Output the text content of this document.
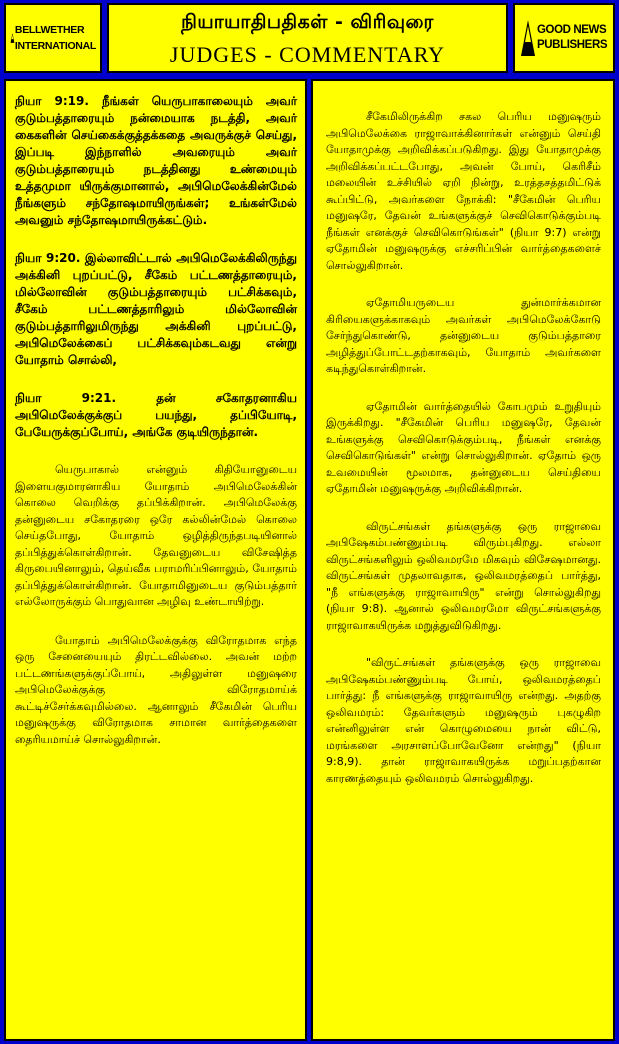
BELLWETHER
INTERNATIONAL
நியாயாதிபதிகள் - விரிவுரை
JUDGES - COMMENTARY
GOOD NEWS
PUBLISHERS

நியா 9:19. நீங்கள் யெருபாகாலையும் அவர் குடும்பத்தாரையும் நன்மையாக நடத்தி, அவர் கைகளின் செய்கைக்குத்தக்கதை அவருக்குச் செய்து, இப்படி இந்நாளில் அவரையும் அவர் குடும்பத்தாரையும் நடத்தினது உண்மையும் உத்தமுமா யிருக்குமானால், அபிமெலேக்கின்மேல் நீங்களும் சந்தோஷமாயிருங்கள்; உங்கள்மேல் அவனும் சந்தோஷமாயிருக்கட்டும்.

நியா 9:20. இல்லாவிட்டால் அபிமெலேக்கிலிருந்து அக்கினி புறப்பட்டு, சீகேம் பட்டணத்தாரையும், மில்லோவின் குடும்பத்தாரையும் பட்சிக்கவும், சீகேம் பட்டணத்தாரிலும் மில்லோவின் குடும்பத்தாரிலுமிருந்து அக்கினி புறப்பட்டு, அபிமெலேக்கைப் பட்சிக்கவும்கடவது என்று யோதாம் சொல்லி,

நியா 9:21. தன் சகோதரனாகிய அபிமெலேக்குக்குப் பயந்து, தப்பியோடி, பேயேருக்குப்போய், அங்கே குடியிருந்தான்.

யெருபாகால் என்னும் கிதியோனுடைய இளையகுமாரனாகிய யோதாம் அபிமெலேக்கின் கொலை வெறிக்கு தப்பிக்கிறான். அபிமெலேக்கு தன்னுடைய சகோதரரை ஒரே கல்லின்மேல் கொலை செய்தபோது, யோதாம் ஒழித்திருந்தபடியினால் தப்பித்துக்கொள்கிறான். தேவனுடைய விசேஷித்த கிருபையினாலும், தெய்வீக பராமரிப்பினாலும், யோதாம் தப்பித்துக்கொள்கிறான். யோதாமினுடைய குடும்பத்தார் எல்லோருக்கும் பொதுவான அழிவு உண்டாயிற்று.

யோதாம் அபிமெலேக்குக்கு விரோதமாக எந்த ஒரு சேனையையும் திரட்டவில்லை. அவன் மற்ற பட்டணங்களுக்குப்போய், அதிலுள்ள மனுஷரை அபிமெலேக்குக்கு விரோதமாய்க் கூட்டிச்சேர்க்கவுமில்லை. ஆனாலும் சீகேமின் பெரிய மனுஷருக்கு விரோதமாக சாமான வார்த்தைகளை தைரியமாய்ச் சொல்லுகிறான்.

சீகேமிலிருக்கிற சகல பெரிய மனுஷரும் அபிமெலேக்கை ராஜாவாக்கினார்கள் என்னும் செய்தி யோதாமுக்கு அறிவிக்கப்படுகிறது. இது யோதாமுக்கு அறிவிக்கப்பட்டபோது, அவன் போய், கெரிசீம் மலையின் உச்சியில் ஏறி நின்று, உரத்தசத்தமிட்டுக் கூப்பிட்டு, அவர்களை நோக்கி: "சீகேமின் பெரிய மனுஷரே, தேவன் உங்களுக்குச் செவிகொடுக்கும்படி நீங்கள் எனக்குச் செவிகொடுங்கள்" (நியா 9:7) என்று ஏதோமின் மனுஷருக்கு எச்சரிப்பின் வார்த்தைகளைச் சொல்லுகிறான்.

ஏதோமியருடைய துன்மார்க்கமான கிரியைகளுக்காகவும் அவர்கள் அபிமெலேக்கோடு சேர்ந்துகொண்டு, தன்னுடைய குடும்பத்தாரை அழித்துப்போட்டதற்காகவும், யோதாம் அவர்களை கடிந்துகொள்கிறான்.

ஏதோமின் வார்த்தையில் கோபமும் உறுதியும் இருக்கிறது. "சீகேமின் பெரிய மனுஷரே, தேவன் உங்களுக்கு செவிகொடுக்கும்படி, நீங்கள் எனக்கு செவிகொடுங்கள்" என்று சொல்லுகிறான். ஏதோம் ஒரு உவமையின் மூலமாக, தன்னுடைய செய்தியை ஏதோமின் மனுஷருக்கு அறிவிக்கிறான்.

விருட்சங்கள் தங்களுக்கு ஒரு ராஜாவை அபிஷேகம்பண்ணும்படி விரும்புகிறது. எல்லா விருட்சங்களிலும் ஒலிவமரமே மிகவும் விசேஷமானது. விருட்சங்கள் முதலாவதாக, ஒலிவமரத்தைப் பார்த்து, "நீ எங்களுக்கு ராஜாவாயிரு" என்று சொல்லுகிறது (நியா 9:8). ஆனால் ஒலிவமரமோ விருட்சங்களுக்கு ராஜாவாகயிருக்க மறுத்துவிடுகிறது.

"விருட்சங்கள் தங்களுக்கு ஒரு ராஜாவை அபிஷேகம்பண்ணும்படி போய், ஒலிவமரத்தைப் பார்த்து: நீ எங்களுக்கு ராஜாவாயிரு என்றது. அதற்கு ஒலிவமரம்: தேவர்களும் மனுஷரும் புகழுகிற என்னிலுள்ள என் கொழுமையை நான் விட்டு, மரங்களை அரசாளப்போவேனோ என்றது" (நியா 9:8,9). தான் ராஜாவாகயிருக்க மறுப்பதற்கான காரணத்தையும் ஒலிவமரம் சொல்லுகிறது.
